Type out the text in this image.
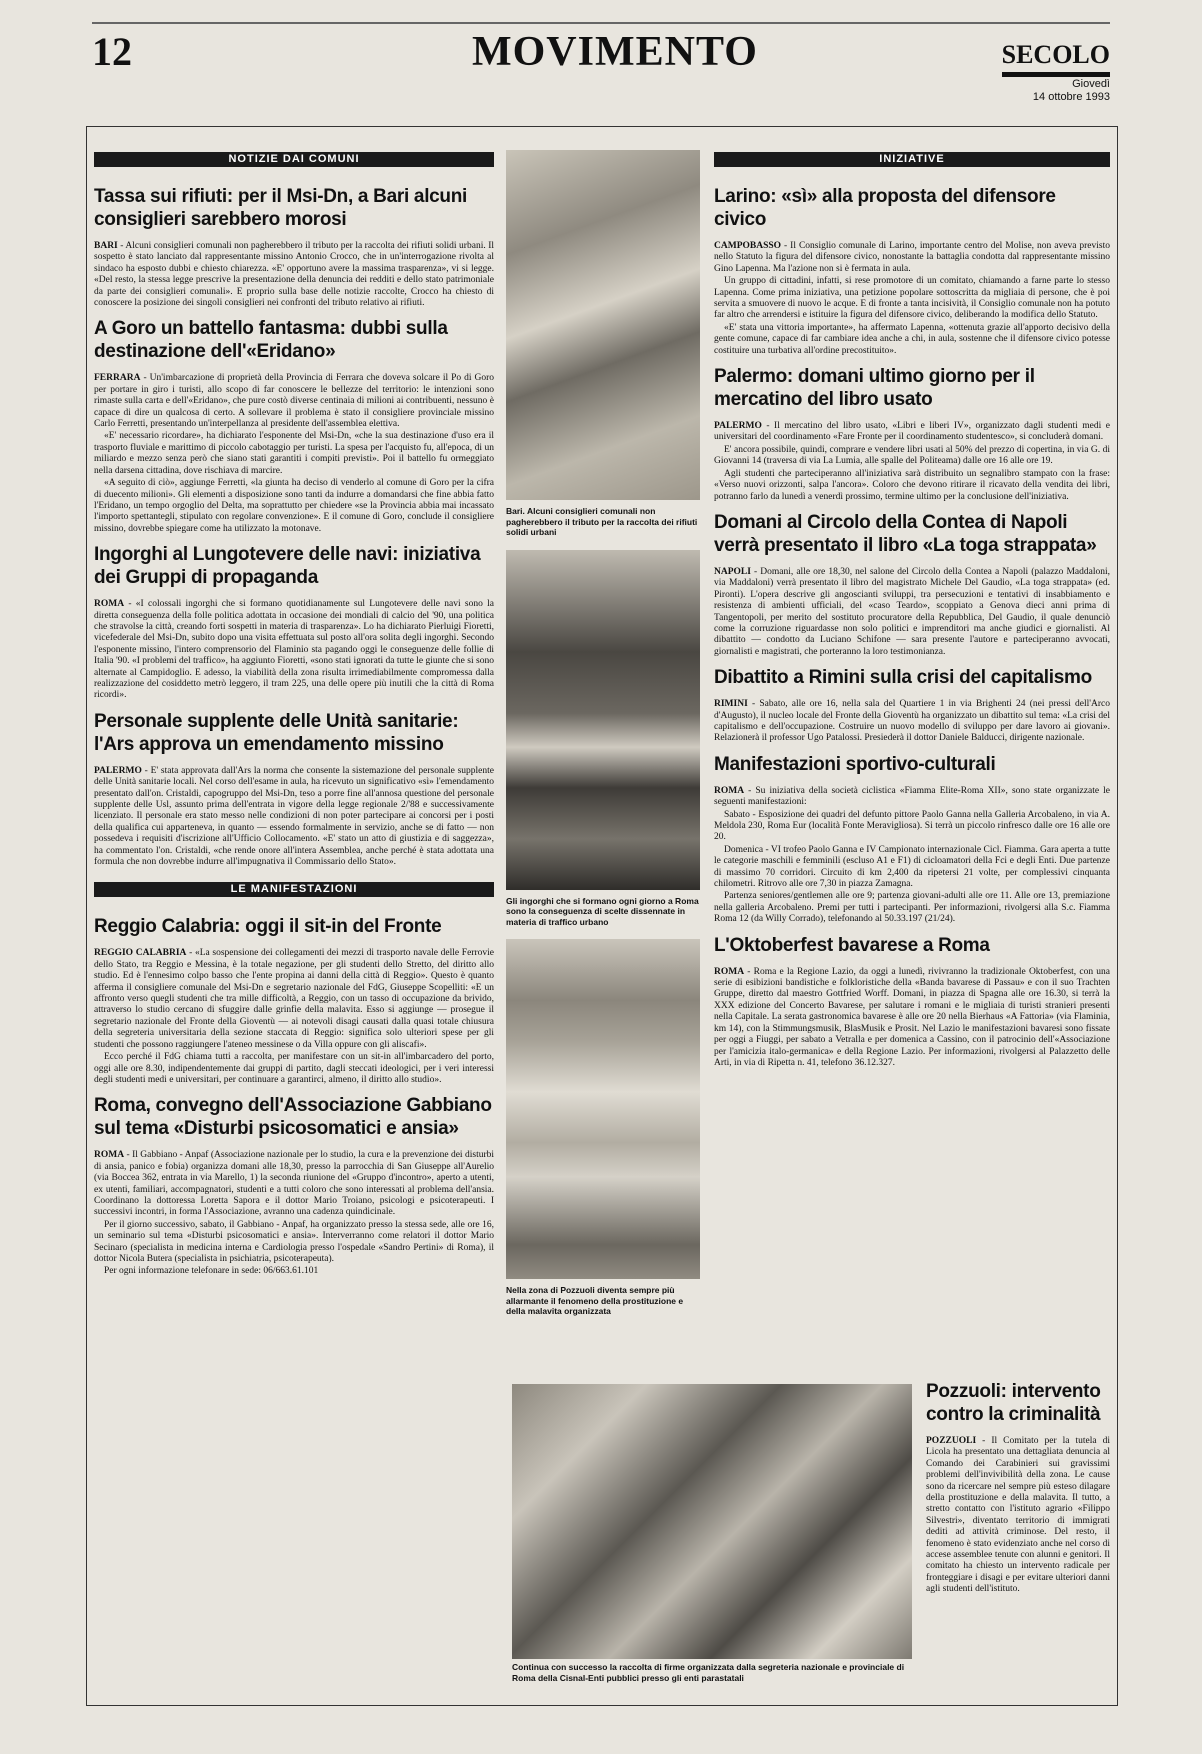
12	MOVIMENTO	SECOLO
Giovedì
14 ottobre 1993
NOTIZIE DAI COMUNI
Tassa sui rifiuti: per il Msi-Dn, a Bari alcuni consiglieri sarebbero morosi

BARI - Alcuni consiglieri comunali non pagherebbero il tributo per la raccolta dei rifiuti solidi urbani. Il sospetto è stato lanciato dal rappresentante missino Antonio Crocco, che in un'interrogazione rivolta al sindaco ha esposto dubbi e chiesto chiarezza. «E' opportuno avere la massima trasparenza», vi si legge. «Del resto, la stessa legge prescrive la presentazione della denuncia dei redditi e dello stato patrimoniale da parte dei consiglieri comunali». E proprio sulla base delle notizie raccolte, Crocco ha chiesto di conoscere la posizione dei singoli consiglieri nei confronti del tributo relativo ai rifiuti.

A Goro un battello fantasma: dubbi sulla destinazione dell'«Eridano»

FERRARA - Un'imbarcazione di proprietà della Provincia di Ferrara che doveva solcare il Po di Goro per portare in giro i turisti, allo scopo di far conoscere le bellezze del territorio: le intenzioni sono rimaste sulla carta e dell'«Eridano», che pure costò diverse centinaia di milioni ai contribuenti, nessuno è capace di dire un qualcosa di certo. A sollevare il problema è stato il consigliere provinciale missino Carlo Ferretti, presentando un'interpellanza al presidente dell'assemblea elettiva.

«E' necessario ricordare», ha dichiarato l'esponente del Msi-Dn, «che la sua destinazione d'uso era il trasporto fluviale e marittimo di piccolo cabotaggio per turisti. La spesa per l'acquisto fu, all'epoca, di un miliardo e mezzo senza però che siano stati garantiti i compiti previsti». Poi il battello fu ormeggiato nella darsena cittadina, dove rischiava di marcire.

«A seguito di ciò», aggiunge Ferretti, «la giunta ha deciso di venderlo al comune di Goro per la cifra di duecento milioni». Gli elementi a disposizione sono tanti da indurre a domandarsi che fine abbia fatto l'Eridano, un tempo orgoglio del Delta, ma soprattutto per chiedere «se la Provincia abbia mai incassato l'importo spettantegli, stipulato con regolare convenzione». E il comune di Goro, conclude il consigliere missino, dovrebbe spiegare come ha utilizzato la motonave.

Ingorghi al Lungotevere delle navi: iniziativa dei Gruppi di propaganda

ROMA - «I colossali ingorghi che si formano quotidianamente sul Lungotevere delle navi sono la diretta conseguenza della folle politica adottata in occasione dei mondiali di calcio del '90, una politica che stravolse la città, creando forti sospetti in materia di trasparenza». Lo ha dichiarato Pierluigi Fioretti, vicefederale del Msi-Dn, subito dopo una visita effettuata sul posto all'ora solita degli ingorghi. Secondo l'esponente missino, l'intero comprensorio del Flaminio sta pagando oggi le conseguenze delle follie di Italia '90. «I problemi del traffico», ha aggiunto Fioretti, «sono stati ignorati da tutte le giunte che si sono alternate al Campidoglio. E adesso, la viabilità della zona risulta irrimediabilmente compromessa dalla realizzazione del cosiddetto metrò leggero, il tram 225, una delle opere più inutili che la città di Roma ricordi».

Personale supplente delle Unità sanitarie: l'Ars approva un emendamento missino

PALERMO - E' stata approvata dall'Ars la norma che consente la sistemazione del personale supplente delle Unità sanitarie locali. Nel corso dell'esame in aula, ha ricevuto un significativo «sì» l'emendamento presentato dall'on. Cristaldi, capogruppo del Msi-Dn, teso a porre fine all'annosa questione del personale supplente delle Usl, assunto prima dell'entrata in vigore della legge regionale 2/'88 e successivamente licenziato. Il personale era stato messo nelle condizioni di non poter partecipare ai concorsi per i posti della qualifica cui apparteneva, in quanto — essendo formalmente in servizio, anche se di fatto — non possedeva i requisiti d'iscrizione all'Ufficio Collocamento. «E' stato un atto di giustizia e di saggezza», ha commentato l'on. Cristaldi, «che rende onore all'intera Assemblea, anche perché è stata adottata una formula che non dovrebbe indurre all'impugnativa il Commissario dello Stato».

LE MANIFESTAZIONI
Reggio Calabria: oggi il sit-in del Fronte

REGGIO CALABRIA - «La sospensione dei collegamenti dei mezzi di trasporto navale delle Ferrovie dello Stato, tra Reggio e Messina, è la totale negazione, per gli studenti dello Stretto, del diritto allo studio. Ed è l'ennesimo colpo basso che l'ente propina ai danni della città di Reggio». Questo è quanto afferma il consigliere comunale del Msi-Dn e segretario nazionale del FdG, Giuseppe Scopelliti: «E un affronto verso quegli studenti che tra mille difficoltà, a Reggio, con un tasso di occupazione da brivido, attraverso lo studio cercano di sfuggire dalle grinfie della malavita. Esso si aggiunge — prosegue il segretario nazionale del Fronte della Gioventù — ai notevoli disagi causati dalla quasi totale chiusura della segreteria universitaria della sezione staccata di Reggio: significa solo ulteriori spese per gli studenti che possono raggiungere l'ateneo messinese o da Villa oppure con gli aliscafi».

Ecco perché il FdG chiama tutti a raccolta, per manifestare con un sit-in all'imbarcadero del porto, oggi alle ore 8.30, indipendentemente dai gruppi di partito, dagli steccati ideologici, per i veri interessi degli studenti medi e universitari, per continuare a garantirci, almeno, il diritto allo studio».

Roma, convegno dell'Associazione Gabbiano sul tema «Disturbi psicosomatici e ansia»

ROMA - Il Gabbiano - Anpaf (Associazione nazionale per lo studio, la cura e la prevenzione dei disturbi di ansia, panico e fobia) organizza domani alle 18,30, presso la parrocchia di San Giuseppe all'Aurelio (via Boccea 362, entrata in via Marello, 1) la seconda riunione del «Gruppo d'incontro», aperto a utenti, ex utenti, familiari, accompagnatori, studenti e a tutti coloro che sono interessati al problema dell'ansia. Coordinano la dottoressa Loretta Sapora e il dottor Mario Troiano, psicologi e psicoterapeuti. I successivi incontri, in forma l'Associazione, avranno una cadenza quindicinale.

Per il giorno successivo, sabato, il Gabbiano - Anpaf, ha organizzato presso la stessa sede, alle ore 16, un seminario sul tema «Disturbi psicosomatici e ansia». Interverranno come relatori il dottor Mario Secinaro (specialista in medicina interna e Cardiologia presso l'ospedale «Sandro Pertini» di Roma), il dottor Nicola Butera (specialista in psichiatria, psicoterapeuta).

Per ogni informazione telefonare in sede: 06/663.61.101

Bari. Alcuni consiglieri comunali non pagherebbero il tributo per la raccolta dei rifiuti solidi urbani
Gli ingorghi che si formano ogni giorno a Roma sono la conseguenza di scelte dissennate in materia di traffico urbano
Nella zona di Pozzuoli diventa sempre più allarmante il fenomeno della prostituzione e della malavita organizzata
INIZIATIVE
Larino: «sì» alla proposta del difensore civico

CAMPOBASSO - Il Consiglio comunale di Larino, importante centro del Molise, non aveva previsto nello Statuto la figura del difensore civico, nonostante la battaglia condotta dal rappresentante missino Gino Lapenna. Ma l'azione non si è fermata in aula.

Un gruppo di cittadini, infatti, si rese promotore di un comitato, chiamando a farne parte lo stesso Lapenna. Come prima iniziativa, una petizione popolare sottoscritta da migliaia di persone, che è poi servita a smuovere di nuovo le acque. E di fronte a tanta incisività, il Consiglio comunale non ha potuto far altro che arrendersi e istituire la figura del difensore civico, deliberando la modifica dello Statuto.

«E' stata una vittoria importante», ha affermato Lapenna, «ottenuta grazie all'apporto decisivo della gente comune, capace di far cambiare idea anche a chi, in aula, sostenne che il difensore civico potesse costituire una turbativa all'ordine precostituito».

Palermo: domani ultimo giorno per il mercatino del libro usato

PALERMO - Il mercatino del libro usato, «Libri e liberi IV», organizzato dagli studenti medi e universitari del coordinamento «Fare Fronte per il coordinamento studentesco», si concluderà domani.

E' ancora possibile, quindi, comprare e vendere libri usati al 50% del prezzo di copertina, in via G. di Giovanni 14 (traversa di via La Lumia, alle spalle del Politeama) dalle ore 16 alle ore 19.

Agli studenti che parteciperanno all'iniziativa sarà distribuito un segnalibro stampato con la frase: «Verso nuovi orizzonti, salpa l'ancora». Coloro che devono ritirare il ricavato della vendita dei libri, potranno farlo da lunedì a venerdì prossimo, termine ultimo per la conclusione dell'iniziativa.

Domani al Circolo della Contea di Napoli verrà presentato il libro «La toga strappata»

NAPOLI - Domani, alle ore 18,30, nel salone del Circolo della Contea a Napoli (palazzo Maddaloni, via Maddaloni) verrà presentato il libro del magistrato Michele Del Gaudio, «La toga strappata» (ed. Pironti). L'opera descrive gli angoscianti sviluppi, tra persecuzioni e tentativi di insabbiamento e resistenza di ambienti ufficiali, del «caso Teardo», scoppiato a Genova dieci anni prima di Tangentopoli, per merito del sostituto procuratore della Repubblica, Del Gaudio, il quale denunciò come la corruzione riguardasse non solo politici e imprenditori ma anche giudici e giornalisti. Al dibattito — condotto da Luciano Schifone — sara presente l'autore e parteciperanno avvocati, giornalisti e magistrati, che porteranno la loro testimonianza.

Dibattito a Rimini sulla crisi del capitalismo

RIMINI - Sabato, alle ore 16, nella sala del Quartiere 1 in via Brighenti 24 (nei pressi dell'Arco d'Augusto), il nucleo locale del Fronte della Gioventù ha organizzato un dibattito sul tema: «La crisi del capitalismo e dell'occupazione. Costruire un nuovo modello di sviluppo per dare lavoro ai giovani». Relazionerà il professor Ugo Patalossi. Presiederà il dottor Daniele Balducci, dirigente nazionale.

Manifestazioni sportivo-culturali

ROMA - Su iniziativa della società ciclistica «Fiamma Elite-Roma XII», sono state organizzate le seguenti manifestazioni:

Sabato - Esposizione dei quadri del defunto pittore Paolo Ganna nella Galleria Arcobaleno, in via A. Meldola 230, Roma Eur (località Fonte Meravigliosa). Si terrà un piccolo rinfresco dalle ore 16 alle ore 20.

Domenica - VI trofeo Paolo Ganna e IV Campionato internazionale Cicl. Fiamma. Gara aperta a tutte le categorie maschili e femminili (escluso A1 e F1) di cicloamatori della Fci e degli Enti. Due partenze di massimo 70 corridori. Circuito di km 2,400 da ripetersi 21 volte, per complessivi cinquanta chilometri. Ritrovo alle ore 7,30 in piazza Zamagna.

Partenza seniores/gentlemen alle ore 9; partenza giovani-adulti alle ore 11. Alle ore 13, premiazione nella galleria Arcobaleno. Premi per tutti i partecipanti. Per informazioni, rivolgersi alla S.c. Fiamma Roma 12 (da Willy Corrado), telefonando al 50.33.197 (21/24).

L'Oktoberfest bavarese a Roma

ROMA - Roma e la Regione Lazio, da oggi a lunedì, rivivranno la tradizionale Oktoberfest, con una serie di esibizioni bandistiche e folkloristiche della «Banda bavarese di Passau» e con il suo Trachten Gruppe, diretto dal maestro Gottfried Worff. Domani, in piazza di Spagna alle ore 16.30, si terrà la XXX edizione del Concerto Bavarese, per salutare i romani e le migliaia di turisti stranieri presenti nella Capitale. La serata gastronomica bavarese è alle ore 20 nella Bierhaus «A Fattoria» (via Flaminia, km 14), con la Stimmungsmusik, BlasMusik e Prosit. Nel Lazio le manifestazioni bavaresi sono fissate per oggi a Fiuggi, per sabato a Vetralla e per domenica a Cassino, con il patrocinio dell'«Associazione per l'amicizia italo-germanica» e della Regione Lazio. Per informazioni, rivolgersi al Palazzetto delle Arti, in via di Ripetta n. 41, telefono 36.12.327.

Continua con successo la raccolta di firme organizzata dalla segreteria nazionale e provinciale di Roma della Cisnal-Enti pubblici presso gli enti parastatali
Pozzuoli: intervento contro la criminalità

POZZUOLI - Il Comitato per la tutela di Licola ha presentato una dettagliata denuncia al Comando dei Carabinieri sui gravissimi problemi dell'invivibilità della zona. Le cause sono da ricercare nel sempre più esteso dilagare della prostituzione e della malavita. Il tutto, a stretto contatto con l'istituto agrario «Filippo Silvestri», diventato territorio di immigrati dediti ad attività criminose. Del resto, il fenomeno è stato evidenziato anche nel corso di accese assemblee tenute con alunni e genitori. Il comitato ha chiesto un intervento radicale per fronteggiare i disagi e per evitare ulteriori danni agli studenti dell'istituto.
